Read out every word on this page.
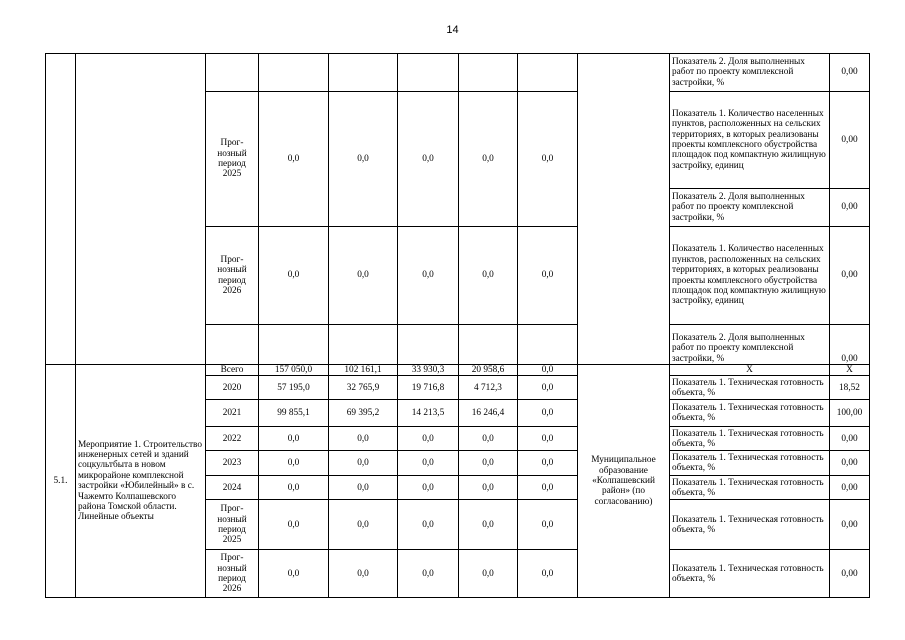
14
									Показатель 2. Доля выполненных работ по проекту комплексной застройки, %	0,00
		Прог-
нозный
период
2025	0,0	0,0	0,0	0,0	0,0		Показатель 1. Количество населенных пунктов, расположенных на сельских территориях, в которых реализованы проекты комплексного обустройства площадок под компактную жилищную застройку, единиц	0,00
									Показатель 2. Доля выполненных работ по проекту комплексной застройки, %	0,00
		Прог-
нозный
период
2026	0,0	0,0	0,0	0,0	0,0		Показатель 1. Количество населенных пунктов, расположенных на сельских территориях, в которых реализованы проекты комплексного обустройства площадок под компактную жилищную застройку, единиц	0,00
									Показатель 2. Доля выполненных работ по проекту комплексной застройки, %	0,00
5.1.	Мероприятие 1. Строительство инженерных сетей и зданий соцкультбыта в новом микрорайоне комплексной застройки «Юбилейный» в с. Чажемто Колпашевского района Томской области. Линейные объекты	Всего	157 050,0	102 161,1	33 930,3	20 958,6	0,0	Муниципальное образование «Колпашевский район» (по согласованию)	X	X
		2020	57 195,0	32 765,9	19 716,8	4 712,3	0,0		Показатель 1. Техническая готовность объекта, %	18,52
		2021	99 855,1	69 395,2	14 213,5	16 246,4	0,0		Показатель 1. Техническая готовность объекта, %	100,00
		2022	0,0	0,0	0,0	0,0	0,0		Показатель 1. Техническая готовность объекта, %	0,00
		2023	0,0	0,0	0,0	0,0	0,0		Показатель 1. Техническая готовность объекта, %	0,00
		2024	0,0	0,0	0,0	0,0	0,0		Показатель 1. Техническая готовность объекта, %	0,00
		Прог-
нозный
период
2025	0,0	0,0	0,0	0,0	0,0		Показатель 1. Техническая готовность объекта, %	0,00
		Прог-
нозный
период
2026	0,0	0,0	0,0	0,0	0,0		Показатель 1. Техническая готовность объекта, %	0,00
